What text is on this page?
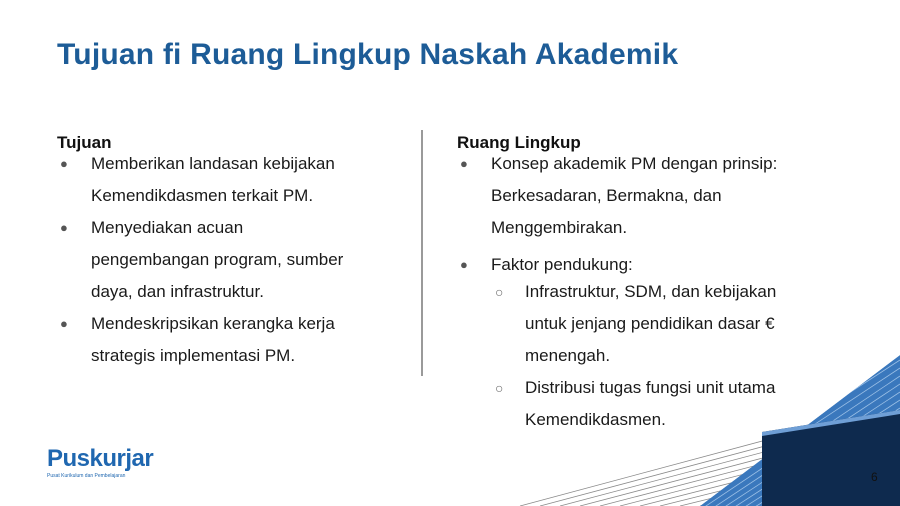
Tujuan fi Ruang Lingkup Naskah Akademik
Tujuan
● Memberikan landasan kebijakan
Kemendikdasmen terkait PM.
● Menyediakan acuan
pengembangan program, sumber
daya, dan infrastruktur.
● Mendeskripsikan kerangka kerja
strategis implementasi PM.
Ruang Lingkup
● Konsep akademik PM dengan prinsip:
Berkesadaran, Bermakna, dan
Menggembirakan.
● Faktor pendukung:
○ Infrastruktur, SDM, dan kebijakan
untuk jenjang pendidikan dasar €
menengah.
○ Distribusi tugas fungsi unit utama
Kemendikdasmen.
Puskurjar
Pusat Kurikulum dan Pembelajaran	6
